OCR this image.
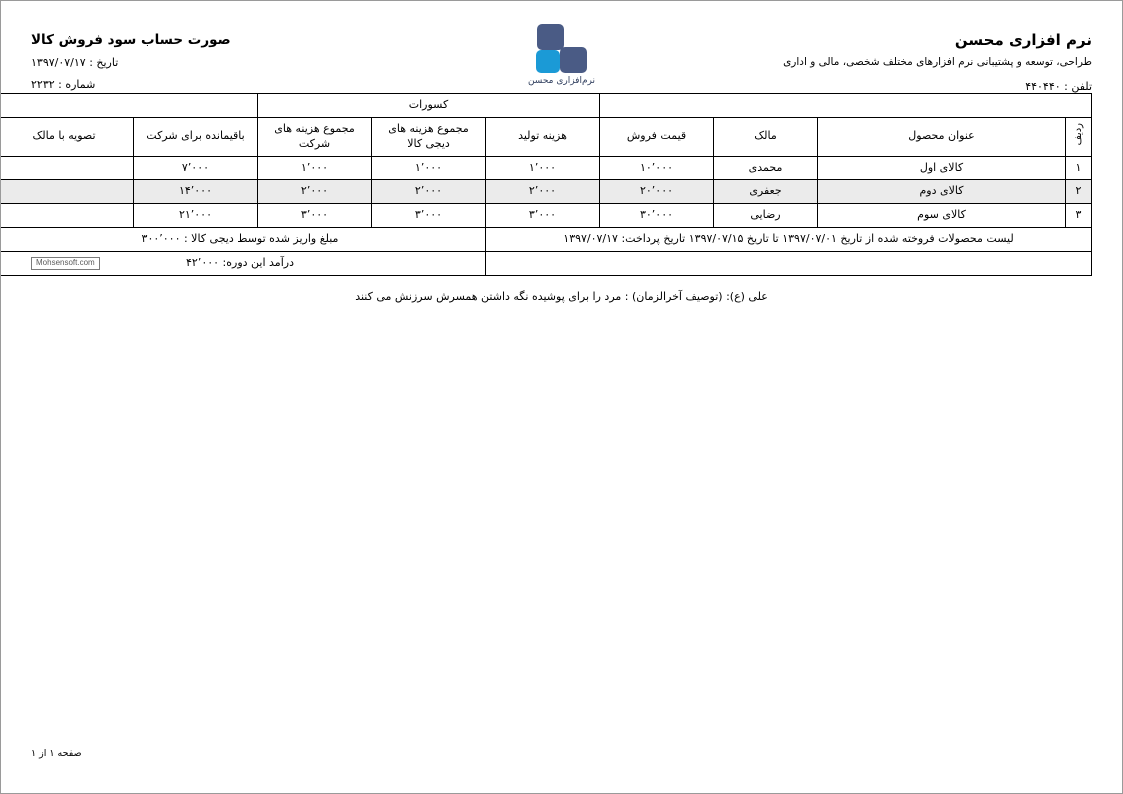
نرم افزاری محسن
طراحی، توسعه و پشتیبانی نرم افزارهای مختلف شخصی، مالی و اداری
تلفن : ۴۴۰۴۴۰
نرم‌افزاری محسن
صورت حساب سود فروش کالا
تاریخ : ۱۳۹۷/۰۷/۱۷
شماره : ۲۲۳۲
				کسورات				
ردیف	عنوان محصول	مالک	قیمت فروش	هزینه تولید	مجموع هزینه های دیجی کالا	مجموع هزینه های شرکت	باقیمانده برای شرکت	تصویه با مالک
۱	کالای اول	محمدی	۱۰٬۰۰۰	۱٬۰۰۰	۱٬۰۰۰	۱٬۰۰۰	۷٬۰۰۰	
۲	کالای دوم	جعفری	۲۰٬۰۰۰	۲٬۰۰۰	۲٬۰۰۰	۲٬۰۰۰	۱۴٬۰۰۰	
۳	کالای سوم	رضایی	۳۰٬۰۰۰	۳٬۰۰۰	۳٬۰۰۰	۳٬۰۰۰	۲۱٬۰۰۰	
لیست محصولات فروخته شده از تاریخ ۱۳۹۷/۰۷/۰۱ تا تاریخ ۱۳۹۷/۰۷/۱۵ تاریخ پرداخت: ۱۳۹۷/۰۷/۱۷					مبلغ واریز شده توسط دیجی کالا : ۳۰۰٬۰۰۰			
					درآمد این دوره: ۴۲٬۰۰۰			
Mohsensoft.com
علی (ع): (توصیف آخرالزمان) : مرد را برای پوشیده نگه داشتن همسرش سرزنش می کنند
صفحه ۱ از ۱
